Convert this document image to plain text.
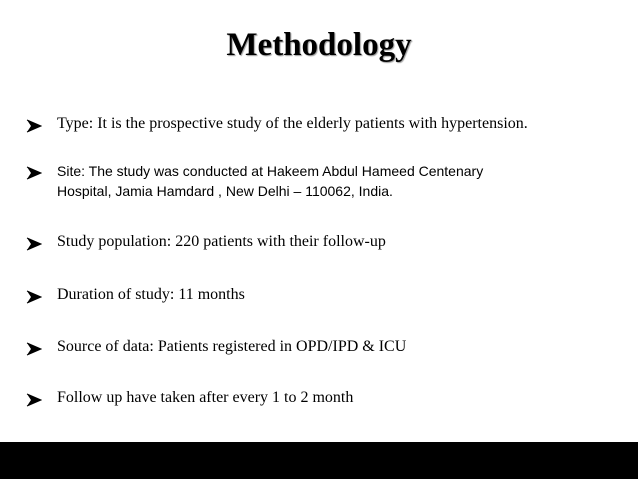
Methodology
Type: It is the prospective study of the elderly patients with hypertension.
Site: The study was conducted at Hakeem Abdul Hameed Centenary
Hospital, Jamia Hamdard , New Delhi – 110062, India.
Study population: 220 patients with their follow-up
Duration of study: 11 months
Source of data: Patients registered in OPD/IPD & ICU
Follow up have taken after every 1 to 2 month
